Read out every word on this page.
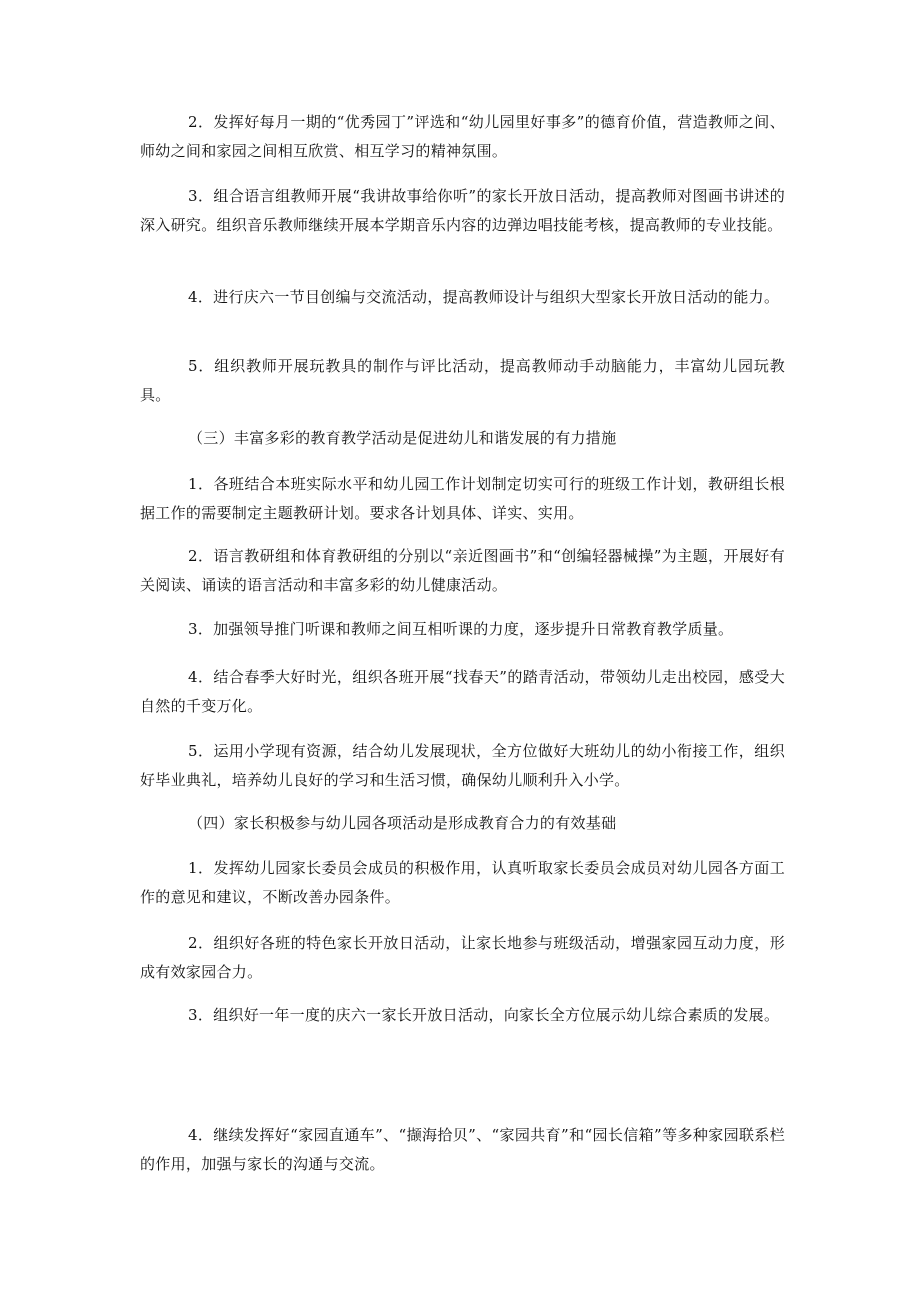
2．发挥好每月一期的“优秀园丁”评选和“幼儿园里好事多”的德育价值，营造教师之间、师幼之间和家园之间相互欣赏、相互学习的精神氛围。

3．组合语言组教师开展“我讲故事给你听”的家长开放日活动，提高教师对图画书讲述的深入研究。组织音乐教师继续开展本学期音乐内容的边弹边唱技能考核，提高教师的专业技能。

4．进行庆六一节目创编与交流活动，提高教师设计与组织大型家长开放日活动的能力。

5．组织教师开展玩教具的制作与评比活动，提高教师动手动脑能力，丰富幼儿园玩教具。

（三）丰富多彩的教育教学活动是促进幼儿和谐发展的有力措施

1．各班结合本班实际水平和幼儿园工作计划制定切实可行的班级工作计划，教研组长根据工作的需要制定主题教研计划。要求各计划具体、详实、实用。

2．语言教研组和体育教研组的分别以“亲近图画书”和“创编轻器械操”为主题，开展好有关阅读、诵读的语言活动和丰富多彩的幼儿健康活动。

3．加强领导推门听课和教师之间互相听课的力度，逐步提升日常教育教学质量。

4．结合春季大好时光，组织各班开展“找春天”的踏青活动，带领幼儿走出校园，感受大自然的千变万化。

5．运用小学现有资源，结合幼儿发展现状，全方位做好大班幼儿的幼小衔接工作，组织好毕业典礼，培养幼儿良好的学习和生活习惯，确保幼儿顺利升入小学。

（四）家长积极参与幼儿园各项活动是形成教育合力的有效基础

1．发挥幼儿园家长委员会成员的积极作用，认真听取家长委员会成员对幼儿园各方面工作的意见和建议，不断改善办园条件。

2．组织好各班的特色家长开放日活动，让家长地参与班级活动，增强家园互动力度，形成有效家园合力。

3．组织好一年一度的庆六一家长开放日活动，向家长全方位展示幼儿综合素质的发展。

4．继续发挥好“家园直通车”、“撷海拾贝”、“家园共育”和“园长信箱”等多种家园联系栏的作用，加强与家长的沟通与交流。
